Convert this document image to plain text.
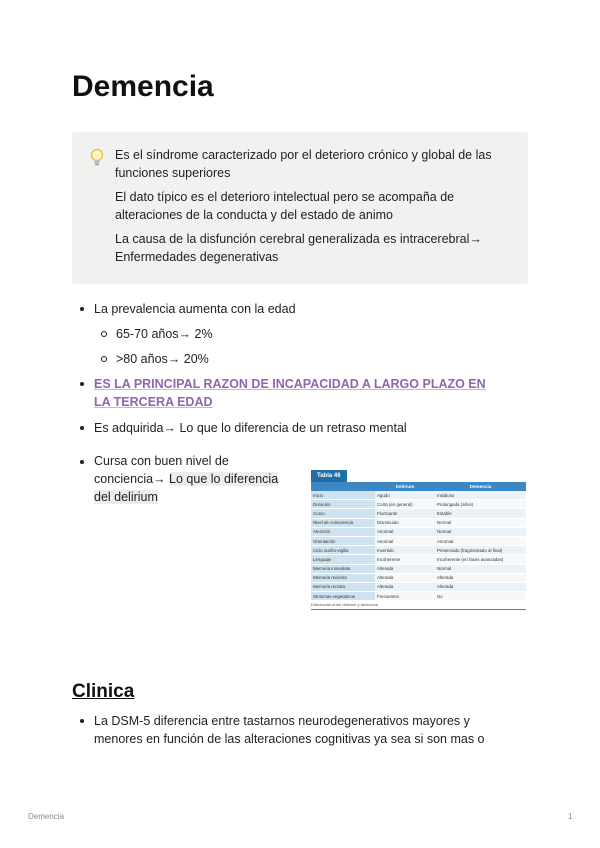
Demencia

Es el síndrome caracterizado por el deterioro crónico y global de las funciones superiores

El dato típico es el deterioro intelectual pero se acompaña de alteraciones de la conducta y del estado de animo

La causa de la disfunción cerebral generalizada es intracerebral→ Enfermedades degenerativas

La prevalencia aumenta con la edad
65-70 años→ 2%
>80 años→ 20%
ES LA PRINCIPAL RAZON DE INCAPACIDAD A LARGO PLAZO EN LA TERCERA EDAD
Es adquirida→ Lo que lo diferencia de un retraso mental
Cursa con buen nivel de conciencia→ Lo que lo diferencia del delirium
Tabla 46
	Delirium	Demencia
Inicio	Agudo	Insidioso
Duración	Corta (en general)	Prolongada (años)
Curso	Fluctuante	Estable
Nivel de consciencia	Disminuido	Normal
Atención	Anormal	Normal
Orientación	Anormal	Anormal
Ciclo sueño-vigilia	Invertido	Preservado (fragmentado al final)
Lenguaje	Incoherente	Incoherente (en fases avanzadas)
Memoria inmediata	Alterada	Normal
Memoria reciente	Alterada	Alterada
Memoria remota	Alterada	Alterada
Síntomas vegetativos	Frecuentes	No
Diferencias entre delirium y demencia
Clinica
La DSM-5 diferencia entre tastarnos neurodegenerativos mayores y menores en función de las alteraciones cognitivas ya sea si son mas o
Demencia	1
